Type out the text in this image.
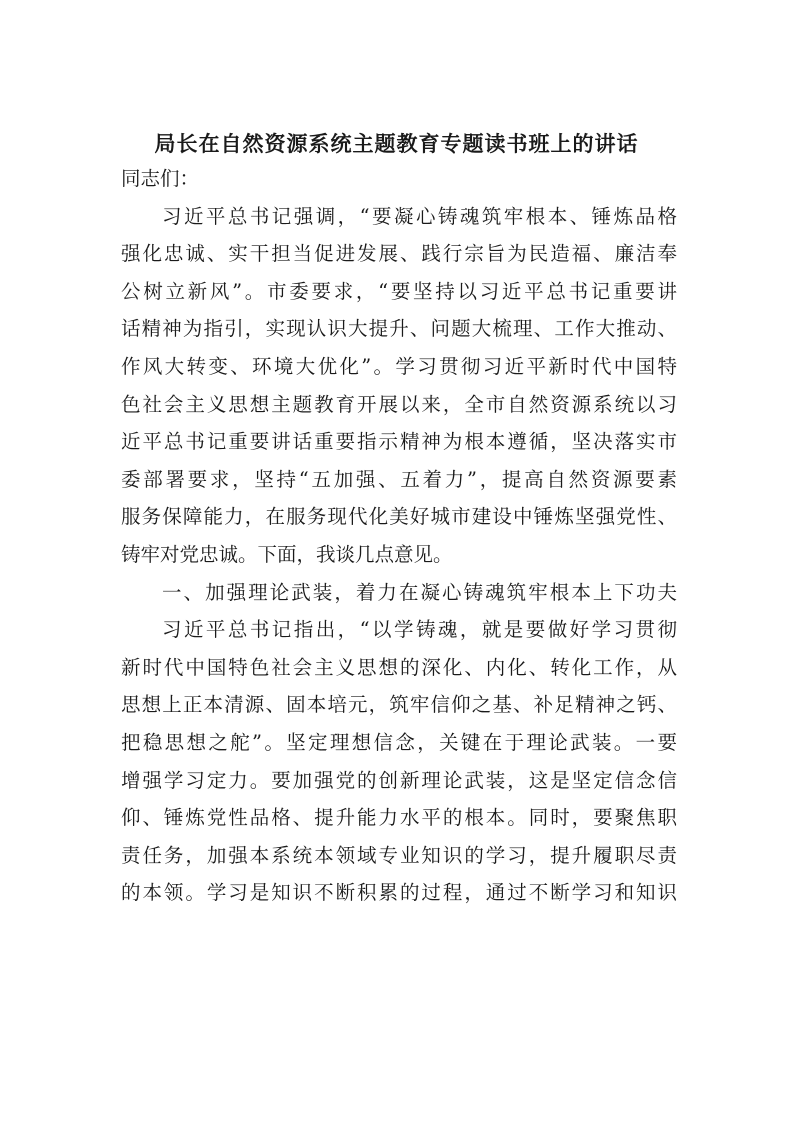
局长在自然资源系统主题教育专题读书班上的讲话
同志们：
习近平总书记强调，“要凝心铸魂筑牢根本、锤炼品格
强化忠诚、实干担当促进发展、践行宗旨为民造福、廉洁奉
公树立新风”。市委要求，“要坚持以习近平总书记重要讲
话精神为指引，实现认识大提升、问题大梳理、工作大推动、
作风大转变、环境大优化”。学习贯彻习近平新时代中国特
色社会主义思想主题教育开展以来，全市自然资源系统以习
近平总书记重要讲话重要指示精神为根本遵循，坚决落实市
委部署要求，坚持“五加强、五着力”，提高自然资源要素
服务保障能力，在服务现代化美好城市建设中锤炼坚强党性、
铸牢对党忠诚。下面，我谈几点意见。
一、加强理论武装，着力在凝心铸魂筑牢根本上下功夫
习近平总书记指出，“以学铸魂，就是要做好学习贯彻
新时代中国特色社会主义思想的深化、内化、转化工作，从
思想上正本清源、固本培元，筑牢信仰之基、补足精神之钙、
把稳思想之舵”。坚定理想信念，关键在于理论武装。一要
增强学习定力。要加强党的创新理论武装，这是坚定信念信
仰、锤炼党性品格、提升能力水平的根本。同时，要聚焦职
责任务，加强本系统本领域专业知识的学习，提升履职尽责
的本领。学习是知识不断积累的过程，通过不断学习和知识
